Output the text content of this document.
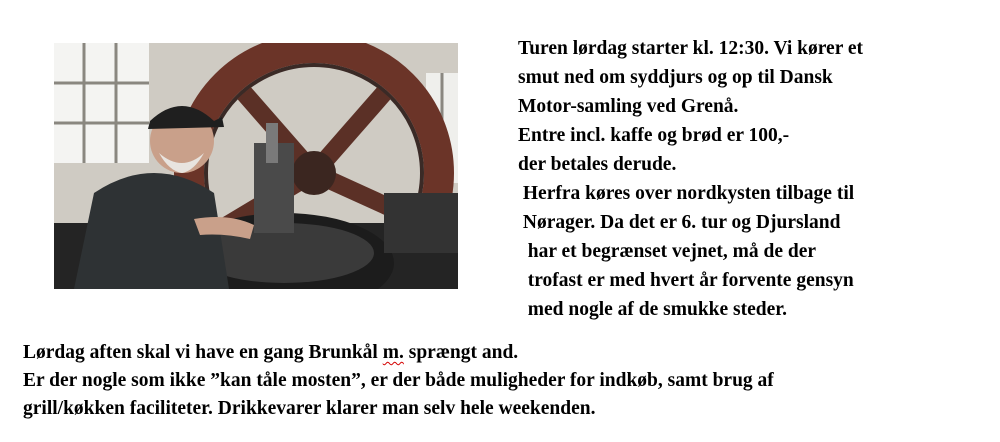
Turen lørdag starter kl. 12:30. Vi kører et
smut ned om syddjurs og op til Dansk
Motor-samling ved Grenå.
Entre incl. kaffe og brød er 100,-
der betales derude.
Herfra køres over nordkysten tilbage til
Nørager. Da det er 6. tur og Djursland
har et begrænset vejnet, må de der
trofast er med hvert år forvente gensyn
med nogle af de smukke steder.
Lørdag aften skal vi have en gang Brunkål m. sprængt and.
Er der nogle som ikke ”kan tåle mosten”, er der både muligheder for indkøb, samt brug af
grill/køkken faciliteter. Drikkevarer klarer man selv hele weekenden.
